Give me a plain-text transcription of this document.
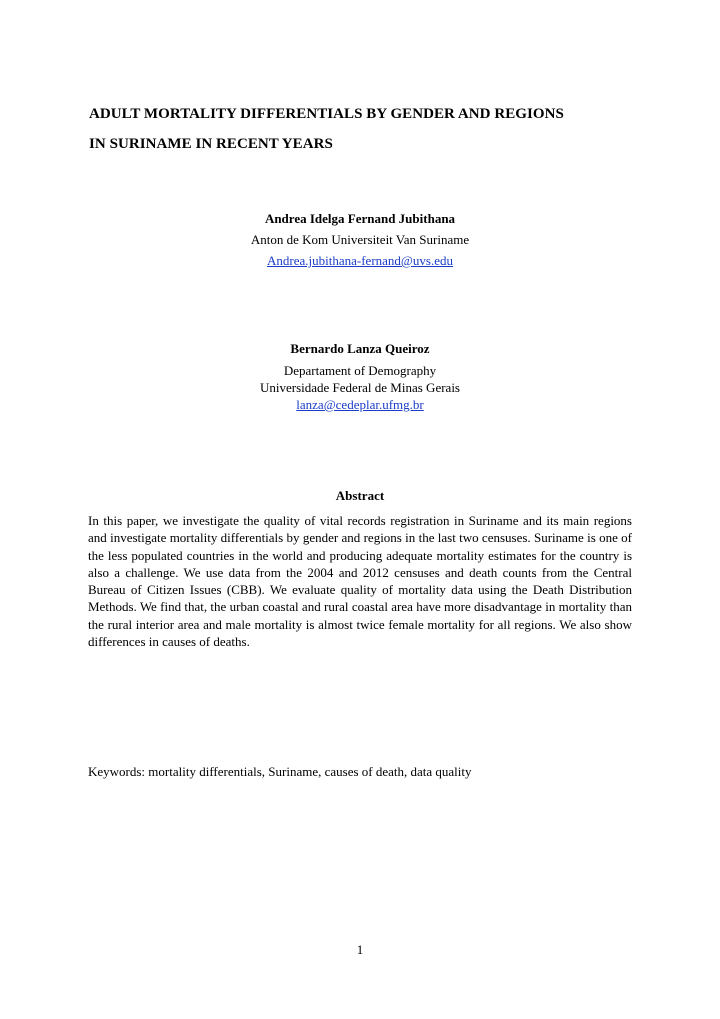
ADULT MORTALITY DIFFERENTIALS BY GENDER AND REGIONS
IN SURINAME IN RECENT YEARS
Andrea Idelga Fernand Jubithana
Anton de Kom Universiteit Van Suriname
Andrea.jubithana-fernand@uvs.edu
Bernardo Lanza Queiroz
Departament of Demography
Universidade Federal de Minas Gerais
lanza@cedeplar.ufmg.br
Abstract
In this paper, we investigate the quality of vital records registration in Suriname and its main regions and investigate mortality differentials by gender and regions in the last two censuses. Suriname is one of the less populated countries in the world and producing adequate mortality estimates for the country is also a challenge. We use data from the 2004 and 2012 censuses and death counts from the Central Bureau of Citizen Issues (CBB). We evaluate quality of mortality data using the Death Distribution Methods. We find that, the urban coastal and rural coastal area have more disadvantage in mortality than the rural interior area and male mortality is almost twice female mortality for all regions. We also show differences in causes of deaths.
Keywords: mortality differentials, Suriname, causes of death, data quality
1
